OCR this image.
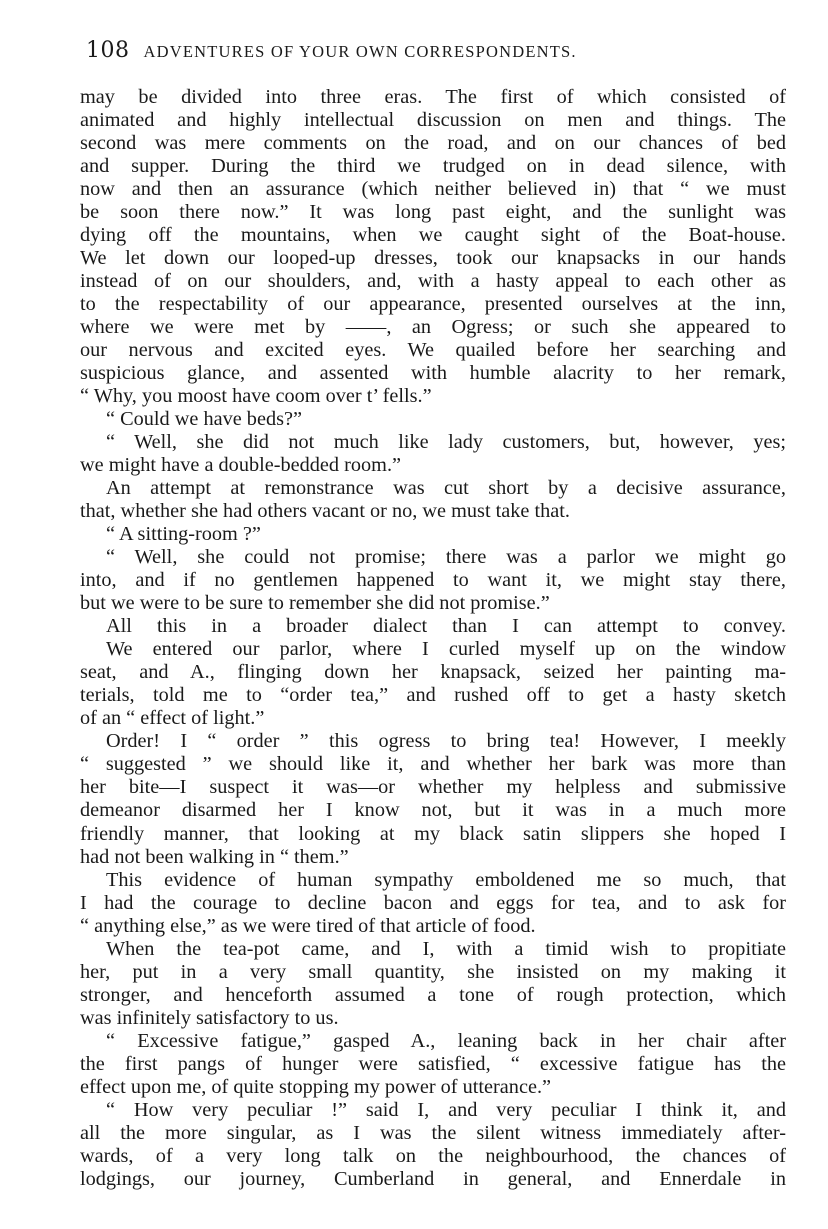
108 ADVENTURES OF YOUR OWN CORRESPONDENTS.
may be divided into three eras. The first of which consisted of
animated and highly intellectual discussion on men and things. The
second was mere comments on the road, and on our chances of bed
and supper. During the third we trudged on in dead silence, with
now and then an assurance (which neither believed in) that “ we must
be soon there now.” It was long past eight, and the sunlight was
dying off the mountains, when we caught sight of the Boat-house.
We let down our looped-up dresses, took our knapsacks in our hands
instead of on our shoulders, and, with a hasty appeal to each other as
to the respectability of our appearance, presented ourselves at the inn,
where we were met by ——, an Ogress; or such she appeared to
our nervous and excited eyes. We quailed before her searching and
suspicious glance, and assented with humble alacrity to her remark,
“ Why, you moost have coom over t’ fells.”
“ Could we have beds?”
“ Well, she did not much like lady customers, but, however, yes;
we might have a double-bedded room.”
An attempt at remonstrance was cut short by a decisive assurance,
that, whether she had others vacant or no, we must take that.
“ A sitting-room ?”
“ Well, she could not promise; there was a parlor we might go
into, and if no gentlemen happened to want it, we might stay there,
but we were to be sure to remember she did not promise.”
All this in a broader dialect than I can attempt to convey.
We entered our parlor, where I curled myself up on the window
seat, and A., flinging down her knapsack, seized her painting ma-
terials, told me to “order tea,” and rushed off to get a hasty sketch
of an “ effect of light.”
Order! I “ order ” this ogress to bring tea! However, I meekly
“ suggested ” we should like it, and whether her bark was more than
her bite—I suspect it was—or whether my helpless and submissive
demeanor disarmed her I know not, but it was in a much more
friendly manner, that looking at my black satin slippers she hoped I
had not been walking in “ them.”
This evidence of human sympathy emboldened me so much, that
I had the courage to decline bacon and eggs for tea, and to ask for
“ anything else,” as we were tired of that article of food.
When the tea-pot came, and I, with a timid wish to propitiate
her, put in a very small quantity, she insisted on my making it
stronger, and henceforth assumed a tone of rough protection, which
was infinitely satisfactory to us.
“ Excessive fatigue,” gasped A., leaning back in her chair after
the first pangs of hunger were satisfied, “ excessive fatigue has the
effect upon me, of quite stopping my power of utterance.”
“ How very peculiar !” said I, and very peculiar I think it, and
all the more singular, as I was the silent witness immediately after-
wards, of a very long talk on the neighbourhood, the chances of
lodgings, our journey, Cumberland in general, and Ennerdale in
